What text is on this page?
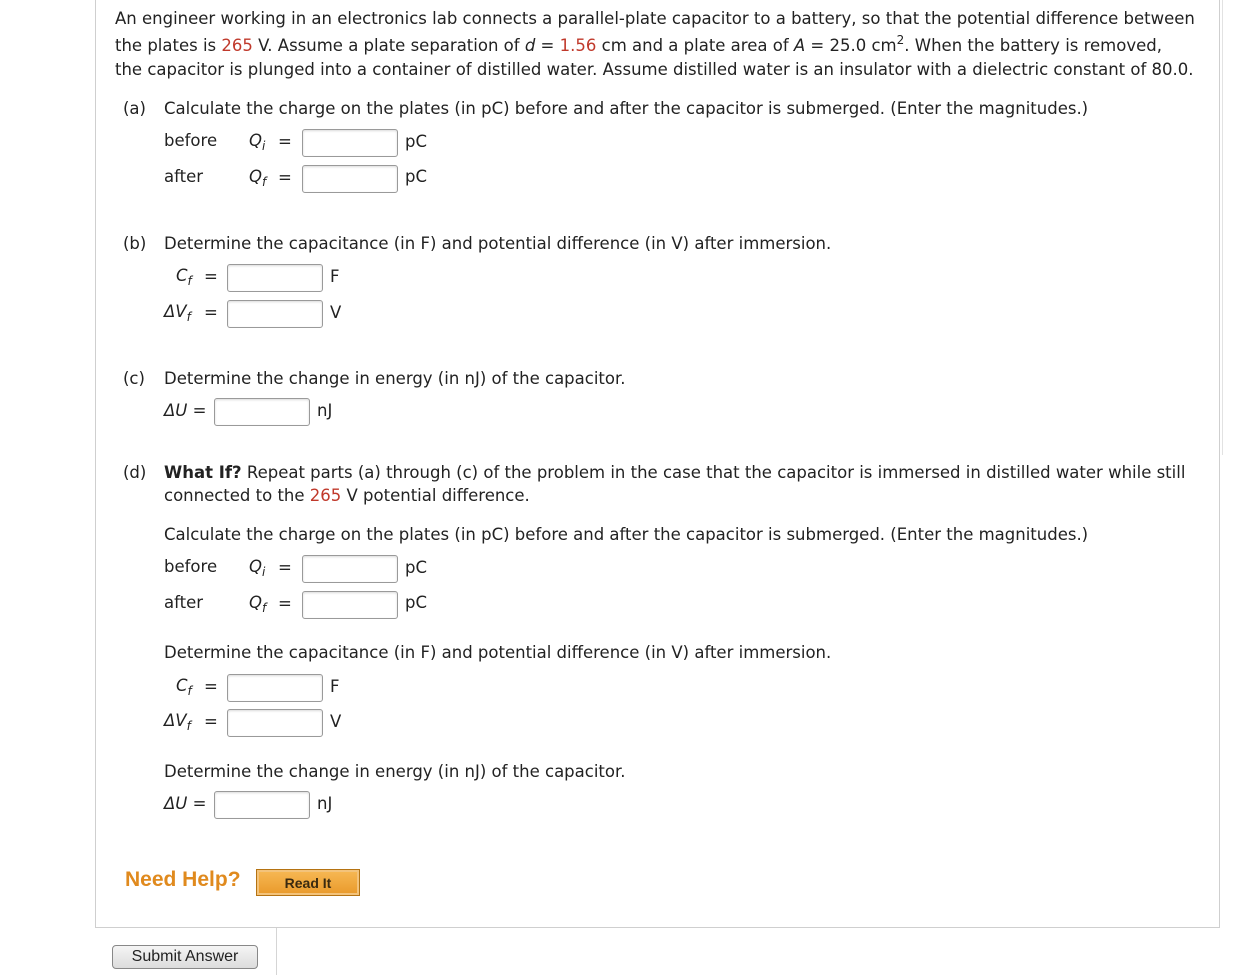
An engineer working in an electronics lab connects a parallel-plate capacitor to a battery, so that the potential difference between
the plates is 265 V. Assume a plate separation of d = 1.56 cm and a plate area of A = 25.0 $cm^2$. When the battery is removed,
the capacitor is plunged into a container of distilled water. Assume distilled water is an insulator with a dielectric constant of 80.0.
(a) Calculate the charge on the plates (in pC) before and after the capacitor is submerged. (Enter the magnitudes.)
before $Q_i$ =	pC
after	$Q_f$ =	pC
(b) Determine the capacitance (in F) and potential difference (in V) after immersion.
$C_f$ =	F
$\Delta V_f$ =	V
(c) Determine the change in energy (in nJ) of the capacitor.
ΔU =	nJ
(d) What If? Repeat parts (a) through (c) of the problem in the case that the capacitor is immersed in distilled water while still
connected to the 265 V potential difference.
Calculate the charge on the plates (in pC) before and after the capacitor is submerged. (Enter the magnitudes.)
before $Q_i$ =	pC
after	$Q_f$ =	pC
Determine the capacitance (in F) and potential difference (in V) after immersion.
$C_f$ =	F
$\Delta V_f$ =	V
Determine the change in energy (in nJ) of the capacitor.
ΔU =	nJ
Need Help?	Read It
Submit Answer
